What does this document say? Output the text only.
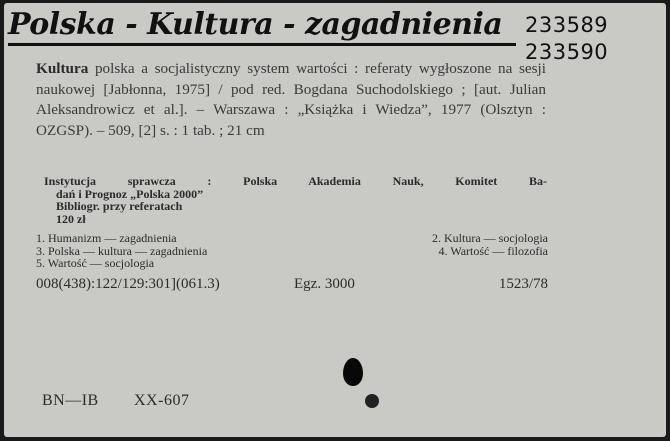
Polska - Kultura - zagadnienia 233589
233590
Kultura polska a socjalistyczny system wartości : referaty wygłoszone na sesji naukowej [Jabłonna, 1975] / pod red. Bogdana Suchodolskiego ; [aut. Julian Aleksandrowicz et al.]. – Warszawa : „Książka i Wiedza”, 1977 (Olsztyn : OZGSP). – 509, [2] s. : 1 tab. ; 21 cm
Instytucja sprawcza : Polska Akademia Nauk, Komitet Ba-
dań i Prognoz „Polska 2000”
Bibliogr. przy referatach
120 zł
1. Humanizm — zagadnienia	2. Kultura — socjologia
3. Polska — kultura — zagadnienia	4. Wartość — filozofia
5. Wartość — socjologia
008(438):122/129:301](061.3)	Egz. 3000	1523/78
BN—IB XX-607
